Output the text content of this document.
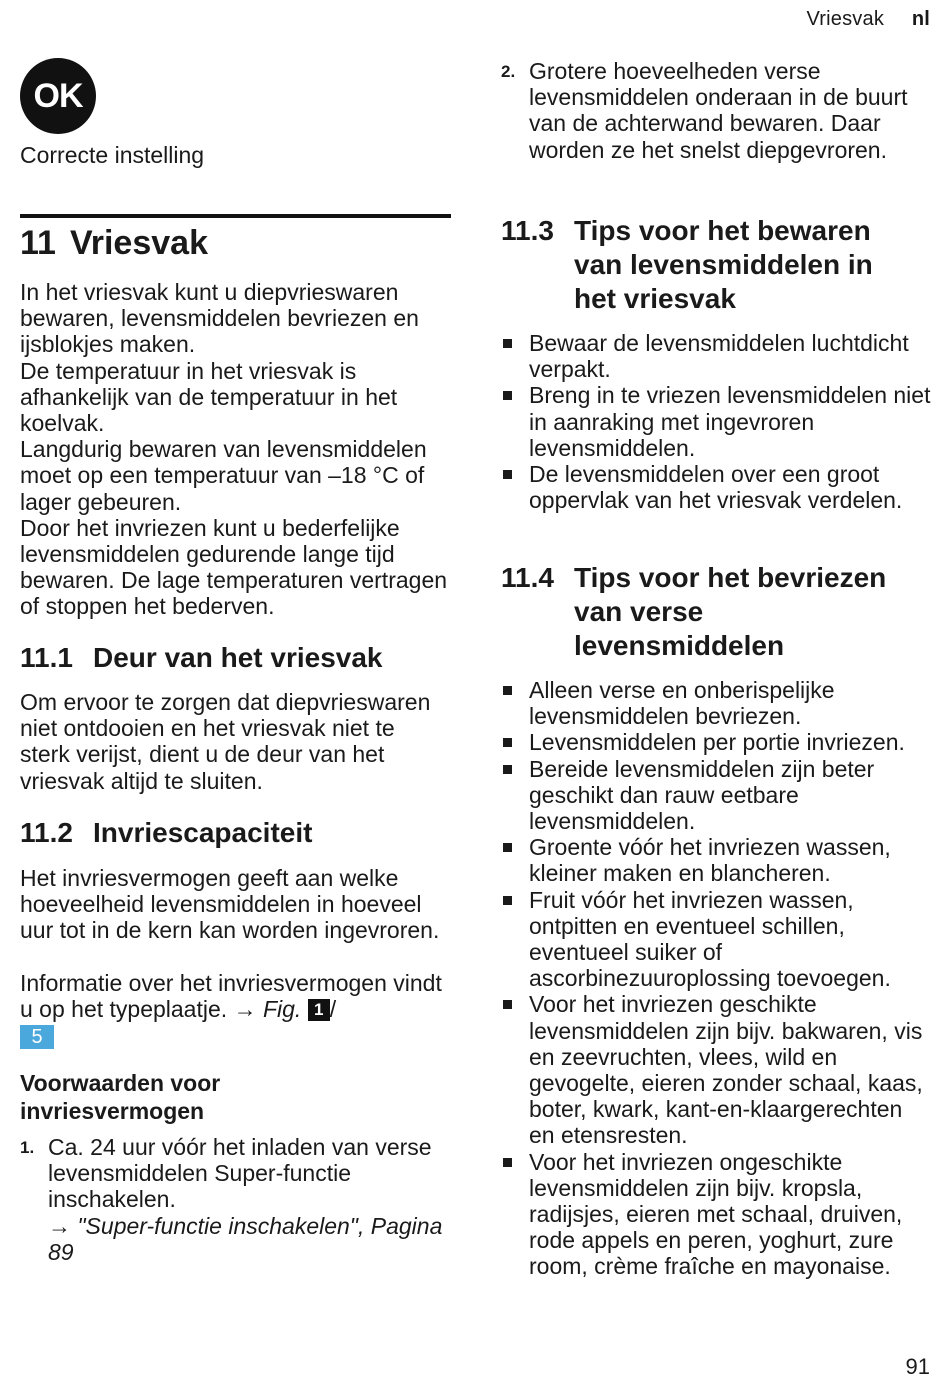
Vriesvak nl
OK
Correcte instelling
11 Vriesvak

In het vriesvak kunt u diepvrieswaren bewaren, levensmiddelen bevriezen en ijsblokjes maken.

De temperatuur in het vriesvak is afhankelijk van de temperatuur in het koelvak.

Langdurig bewaren van levensmiddelen moet op een temperatuur van –18 °C of lager gebeuren.

Door het invriezen kunt u bederfelijke levensmiddelen gedurende lange tijd bewaren. De lage temperaturen vertragen of stoppen het bederven.

11.1 Deur van het vriesvak

Om ervoor te zorgen dat diepvrieswaren niet ontdooien en het vriesvak niet te sterk verijst, dient u de deur van het vriesvak altijd te sluiten.

11.2 Invriescapaciteit

Het invriesvermogen geeft aan welke hoeveelheid levensmiddelen in hoeveel uur tot in de kern kan worden ingevroren.

Informatie over het invriesvermogen vindt u op het typeplaatje. → Fig. 1 /
5

Voorwaarden voor invriesvermogen
1. Ca. 24 uur vóór het inladen van verse levensmiddelen Super-functie inschakelen.
→ "Super-functie inschakelen", Pagina 89
2. Grotere hoeveelheden verse levensmiddelen onderaan in de buurt van de achterwand bewaren. Daar worden ze het snelst diepgevroren.
11.3 Tips voor het bewaren van levensmiddelen in het vriesvak
Bewaar de levensmiddelen luchtdicht verpakt.
Breng in te vriezen levensmiddelen niet in aanraking met ingevroren levensmiddelen.
De levensmiddelen over een groot oppervlak van het vriesvak verdelen.
11.4 Tips voor het bevriezen van verse levensmiddelen
Alleen verse en onberispelijke levensmiddelen bevriezen.
Levensmiddelen per portie invriezen.
Bereide levensmiddelen zijn beter geschikt dan rauw eetbare levensmiddelen.
Groente vóór het invriezen wassen, kleiner maken en blancheren.
Fruit vóór het invriezen wassen, ontpitten en eventueel schillen, eventueel suiker of ascorbinezuuroplossing toevoegen.
Voor het invriezen geschikte levensmiddelen zijn bijv. bakwaren, vis en zeevruchten, vlees, wild en gevogelte, eieren zonder schaal, kaas, boter, kwark, kant-en-klaargerechten en etensresten.
Voor het invriezen ongeschikte levensmiddelen zijn bijv. kropsla, radijsjes, eieren met schaal, druiven, rode appels en peren, yoghurt, zure room, crème fraîche en mayonaise.
91
